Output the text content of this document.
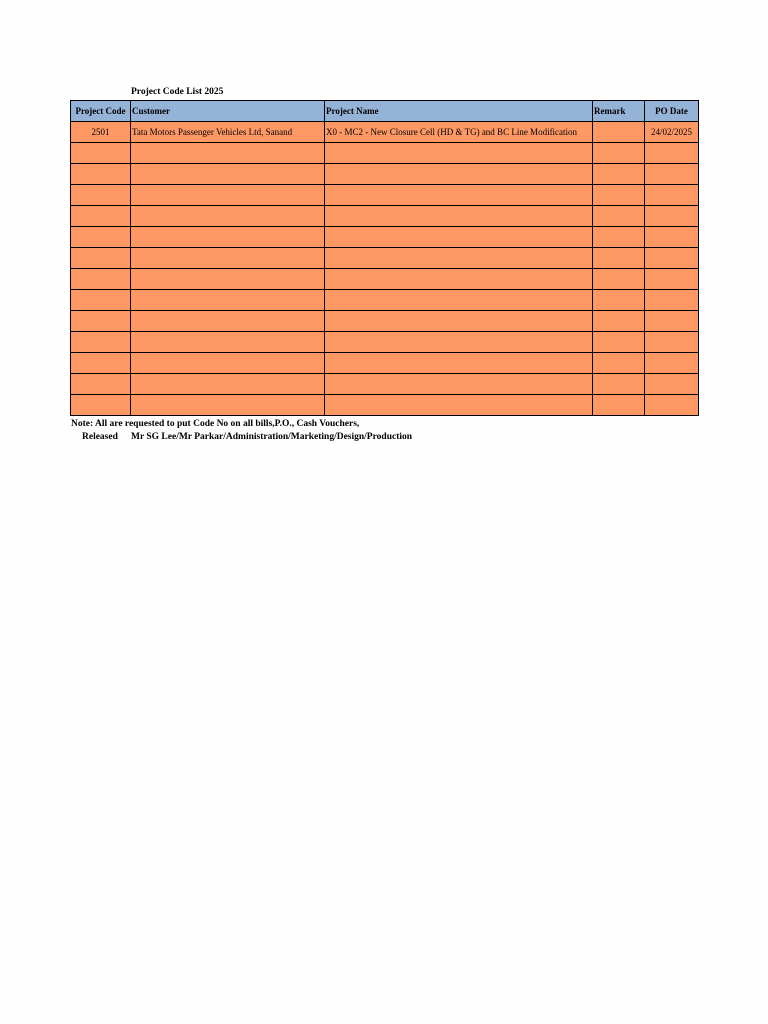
Project Code List 2025
Project Code	Customer	Project Name	Remark	PO Date
2501	Tata Motors Passenger Vehicles Ltd, Sanand	X0 - MC2 - New Closure Cell (HD & TG) and BC Line Modification		24/02/2025

Note: All are requested to put Code No on all bills,P.O., Cash Vouchers,
Released Mr SG Lee/Mr Parkar/Administration/Marketing/Design/Production
